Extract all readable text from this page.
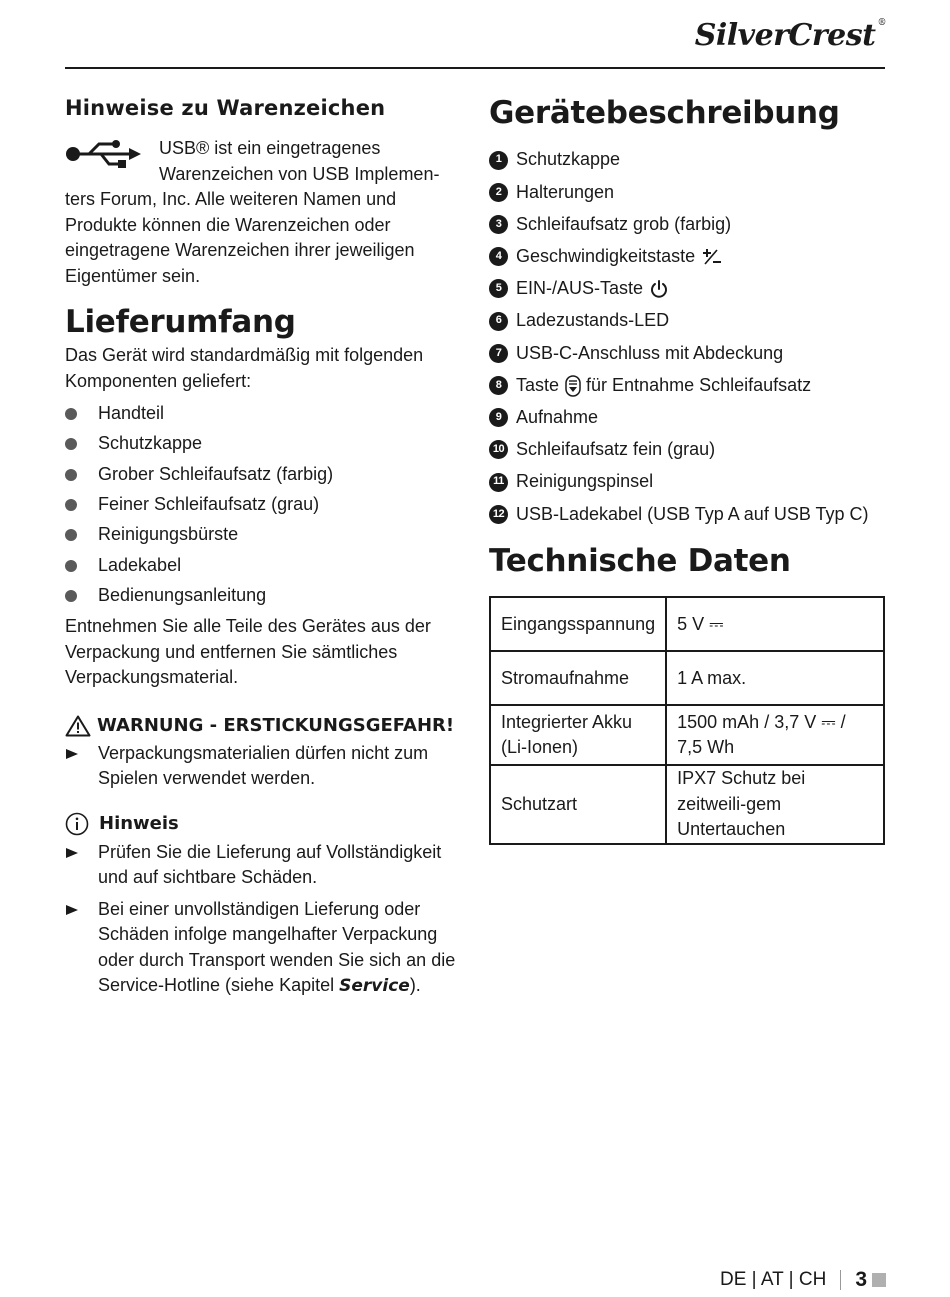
SilverCrest ®
Hinweise zu Warenzeichen

USB® ist ein eingetragenes

Warenzeichen von USB Implemen-

ters Forum, Inc. Alle weiteren Namen und Produkte können die Warenzeichen oder eingetragene Warenzeichen ihrer jeweiligen Eigentümer sein.

Lieferumfang

Das Gerät wird standardmäßig mit folgenden Komponenten geliefert:

Handteil
Schutzkappe
Grober Schleifaufsatz (farbig)
Feiner Schleifaufsatz (grau)
Reinigungsbürste
Ladekabel
Bedienungsanleitung

Entnehmen Sie alle Teile des Gerätes aus der Verpackung und entfernen Sie sämtliches Verpackungsmaterial.

WARNUNG - ERSTICKUNGSGEFAHR!
Verpackungsmaterialien dürfen nicht zum Spielen verwendet werden.
Hinweis
Prüfen Sie die Lieferung auf Vollständigkeit und auf sichtbare Schäden.
Bei einer unvollständigen Lieferung oder Schäden infolge mangelhafter Verpackung oder durch Transport wenden Sie sich an die Service-Hotline (siehe Kapitel Service).
Gerätebeschreibung
1 Schutzkappe
2 Halterungen
3 Schleifaufsatz grob (farbig)
4 Geschwindigkeitstaste
5 EIN-/AUS-Taste
6 Ladezustands-LED
7 USB-C-Anschluss mit Abdeckung
8 Taste für Entnahme Schleifaufsatz
9 Aufnahme
10 Schleifaufsatz fein (grau)
11 Reinigungspinsel
12 USB-Ladekabel (USB Typ A auf USB Typ C)
Technische Daten
Eingangsspannung	5 V ⎓
Stromaufnahme	1 A max.
Integrierter Akku (Li-Ionen)	1500 mAh / 3,7 V ⎓ / 7,5 Wh
Schutzart	IPX7 Schutz bei zeitweili-gem Untertauchen
DE | AT | CH 3
